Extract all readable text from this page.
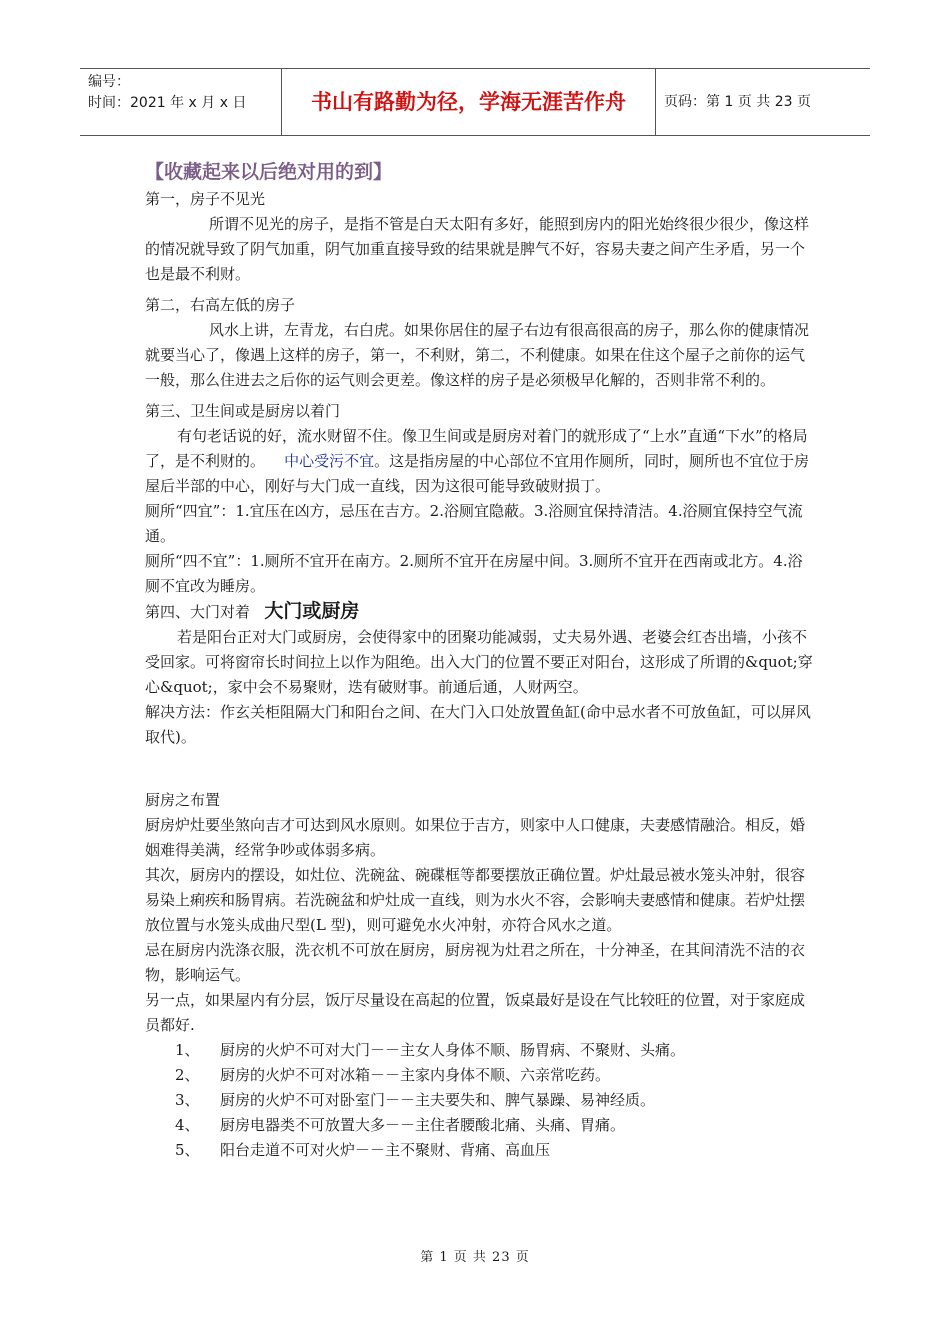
编号：
时间：2021 年 x 月 x 日	书山有路勤为径，学海无涯苦作舟	页码：第 1 页 共 23 页
【收藏起来以后绝对用的到】

第一，房子不见光

所谓不见光的房子，是指不管是白天太阳有多好，能照到房内的阳光始终很少很少，像这样的情况就导致了阴气加重，阴气加重直接导致的结果就是脾气不好，容易夫妻之间产生矛盾，另一个也是最不利财。

第二，右高左低的房子

风水上讲，左青龙，右白虎。如果你居住的屋子右边有很高很高的房子，那么你的健康情况就要当心了，像遇上这样的房子，第一，不利财，第二，不利健康。如果在住这个屋子之前你的运气一般，那么住进去之后你的运气则会更差。像这样的房子是必须极早化解的，否则非常不利的。

第三、卫生间或是厨房以着门

有句老话说的好，流水财留不住。像卫生间或是厨房对着门的就形成了“上水”直通“下水”的格局了，是不利财的。 中心受污不宜。这是指房屋的中心部位不宜用作厕所，同时，厕所也不宜位于房屋后半部的中心，刚好与大门成一直线，因为这很可能导致破财损丁。

厕所“四宜”：1.宜压在凶方，忌压在吉方。2.浴厕宜隐蔽。3.浴厕宜保持清洁。4.浴厕宜保持空气流通。

厕所“四不宜”：1.厕所不宜开在南方。2.厕所不宜开在房屋中间。3.厕所不宜开在西南或北方。4.浴厕不宜改为睡房。

第四、大门对着 大门或厨房

若是阳台正对大门或厨房，会使得家中的团聚功能减弱，丈夫易外遇、老婆会红杏出墙，小孩不受回家。可将窗帘长时间拉上以作为阻绝。出入大门的位置不要正对阳台，这形成了所谓的&quot;穿心&quot;，家中会不易聚财，迭有破财事。前通后通，人财两空。

解决方法：作玄关柜阻隔大门和阳台之间、在大门入口处放置鱼缸(命中忌水者不可放鱼缸，可以屏风取代)。

厨房之布置

厨房炉灶要坐煞向吉才可达到风水原则。如果位于吉方，则家中人口健康，夫妻感情融洽。相反，婚姻难得美满，经常争吵或体弱多病。

其次，厨房内的摆设，如灶位、洗碗盆、碗碟框等都要摆放正确位置。炉灶最忌被水笼头冲射，很容易染上痢疾和肠胃病。若洗碗盆和炉灶成一直线，则为水火不容，会影响夫妻感情和健康。若炉灶摆放位置与水笼头成曲尺型(L 型)，则可避免水火冲射，亦符合风水之道。

忌在厨房内洗涤衣服，洗衣机不可放在厨房，厨房视为灶君之所在，十分神圣，在其间清洗不洁的衣物，影响运气。

另一点，如果屋内有分层，饭厅尽量设在高起的位置，饭桌最好是设在气比较旺的位置，对于家庭成员都好.

1、 厨房的火炉不可对大门－－主女人身体不顺、肠胃病、不聚财、头痛。
2、 厨房的火炉不可对冰箱－－主家内身体不顺、六亲常吃药。
3、 厨房的火炉不可对卧室门－－主夫要失和、脾气暴躁、易神经质。
4、 厨房电器类不可放置大多－－主住者腰酸北痛、头痛、胃痛。
5、 阳台走道不可对火炉－－主不聚财、背痛、高血压
第 1 页 共 23 页
